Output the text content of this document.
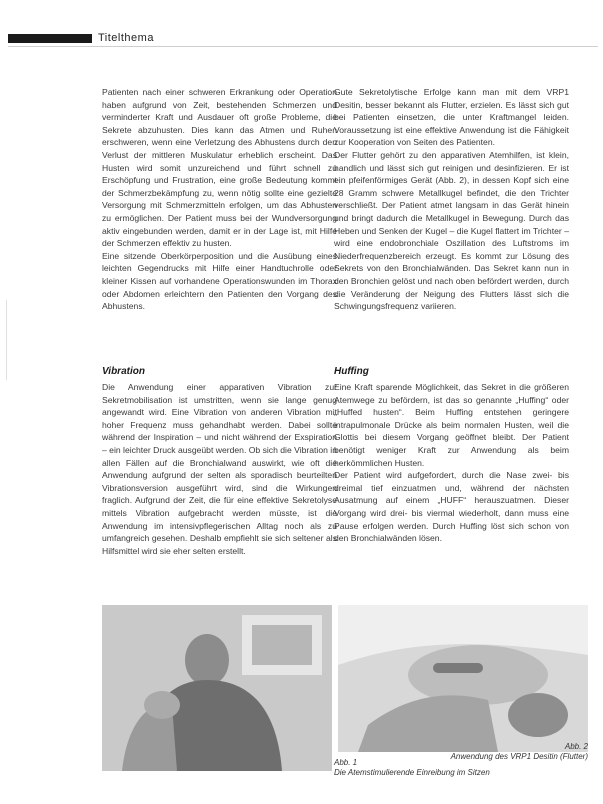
Titelthema

Patienten nach einer schweren Erkrankung oder Operation haben aufgrund von Zeit, bestehenden Schmerzen und verminderter Kraft und Ausdauer oft große Probleme, die Sekrete abzuhusten. Dies kann das Atmen und Ruhen erschweren, wenn eine Verletzung des Abhustens durch den Verlust der mittleren Muskulatur erheblich erscheint. Das Husten wird somit unzureichend und führt schnell zu Erschöpfung und Frustration, eine große Bedeutung kommt der Schmerzbekämpfung zu, wenn nötig sollte eine gezielte Versorgung mit Schmerzmitteln erfolgen, um das Abhusten zu ermöglichen. Der Patient muss bei der Wundversorgung aktiv eingebunden werden, damit er in der Lage ist, mit Hilfe der Schmerzen effektiv zu husten.

Eine sitzende Oberkörperposition und die Ausübung eines leichten Gegendrucks mit Hilfe einer Handtuchrolle oder kleiner Kissen auf vorhandene Operationswunden im Thorax oder Abdomen erleichtern den Patienten den Vorgang des Abhustens.

Vibration

Die Anwendung einer apparativen Vibration zur Sekretmobilisation ist umstritten, wenn sie lange genug angewandt wird. Eine Vibration von anderen Vibration mit hoher Frequenz muss gehandhabt werden. Dabei sollte während der Inspiration – und nicht während der Exspiration – ein leichter Druck ausgeübt werden. Ob sich die Vibration in allen Fällen auf die Bronchialwand auswirkt, wie oft die Anwendung aufgrund der selten als sporadisch beurteilten Vibrationsversion ausgeführt wird, sind die Wirkungen fraglich. Aufgrund der Zeit, die für eine effektive Sekretolyse mittels Vibration aufgebracht werden müsste, ist die Anwendung im intensivpflegerischen Alltag noch als zu umfangreich gesehen. Deshalb empfiehlt sie sich seltener als Hilfsmittel wird sie eher selten erstellt.

Gute Sekretolytische Erfolge kann man mit dem VRP1 Desitin, besser bekannt als Flutter, erzielen. Es lässt sich gut bei Patienten einsetzen, die unter Kraftmangel leiden. Voraussetzung ist eine effektive Anwendung ist die Fähigkeit zur Kooperation von Seiten des Patienten.

Der Flutter gehört zu den apparativen Atemhilfen, ist klein, handlich und lässt sich gut reinigen und desinfizieren. Er ist ein pfeifenförmiges Gerät (Abb. 2), in dessen Kopf sich eine 28 Gramm schwere Metallkugel befindet, die den Trichter verschließt. Der Patient atmet langsam in das Gerät hinein und bringt dadurch die Metallkugel in Bewegung. Durch das Heben und Senken der Kugel – die Kugel flattert im Trichter – wird eine endobronchiale Oszillation des Luftstroms im Niederfrequenzbereich erzeugt. Es kommt zur Lösung des Sekrets von den Bronchialwänden. Das Sekret kann nun in den Bronchien gelöst und nach oben befördert werden, durch die Veränderung der Neigung des Flutters lässt sich die Schwingungsfrequenz variieren.

Huffing

Eine Kraft sparende Möglichkeit, das Sekret in die größeren Atemwege zu befördern, ist das so genannte „Huffing“ oder „Huffed husten“. Beim Huffing entstehen geringere intrapulmonale Drücke als beim normalen Husten, weil die Glottis bei diesem Vorgang geöffnet bleibt. Der Patient benötigt weniger Kraft zur Anwendung als beim herkömmlichen Husten.

Der Patient wird aufgefordert, durch die Nase zwei- bis dreimal tief einzuatmen und, während der nächsten Ausatmung auf einem „HUFF“ herauszuatmen. Dieser Vorgang wird drei- bis viermal wiederholt, dann muss eine Pause erfolgen werden. Durch Huffing löst sich schon von den Bronchialwänden lösen.

Abb. 1
Die Atemstimulierende Einreibung im Sitzen
Abb. 2
Anwendung des VRP1 Desitin (Flutter)
